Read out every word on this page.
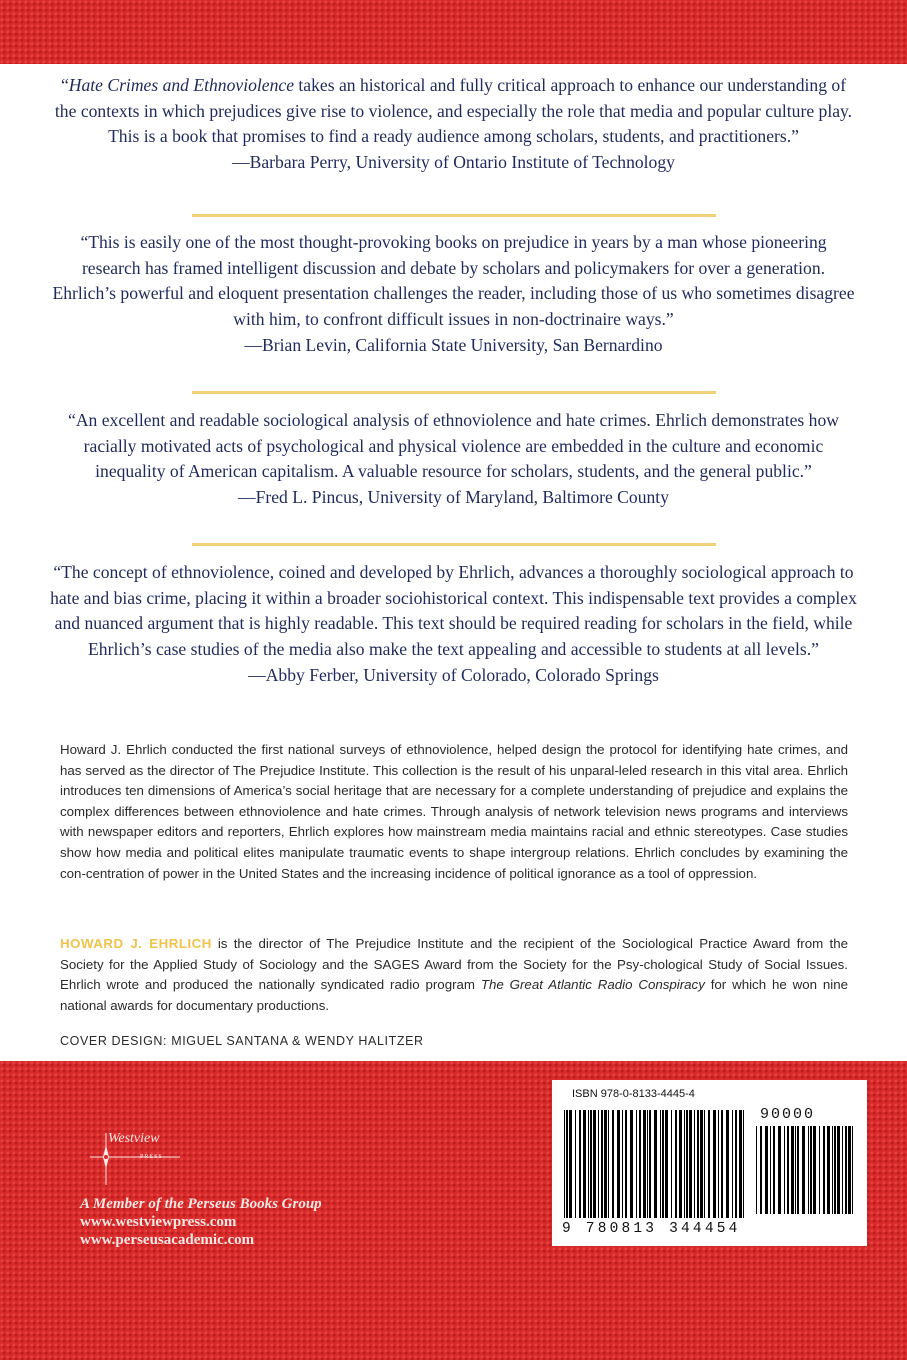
“Hate Crimes and Ethnoviolence takes an historical and fully critical approach to enhance our understanding of the contexts in which prejudices give rise to violence, and especially the role that media and popular culture play. This is a book that promises to find a ready audience among scholars, students, and practitioners.”
—Barbara Perry, University of Ontario Institute of Technology
“This is easily one of the most thought-provoking books on prejudice in years by a man whose pioneering research has framed intelligent discussion and debate by scholars and policymakers for over a generation. Ehrlich’s powerful and eloquent presentation challenges the reader, including those of us who sometimes disagree with him, to confront difficult issues in non-doctrinaire ways.”
—Brian Levin, California State University, San Bernardino
“An excellent and readable sociological analysis of ethnoviolence and hate crimes. Ehrlich demonstrates how racially motivated acts of psychological and physical violence are embedded in the culture and economic inequality of American capitalism. A valuable resource for scholars, students, and the general public.”
—Fred L. Pincus, University of Maryland, Baltimore County
“The concept of ethnoviolence, coined and developed by Ehrlich, advances a thoroughly sociological approach to hate and bias crime, placing it within a broader sociohistorical context. This indispensable text provides a complex and nuanced argument that is highly readable. This text should be required reading for scholars in the field, while Ehrlich’s case studies of the media also make the text appealing and accessible to students at all levels.”
—Abby Ferber, University of Colorado, Colorado Springs
Howard J. Ehrlich conducted the first national surveys of ethnoviolence, helped design the protocol for identifying hate crimes, and has served as the director of The Prejudice Institute. This collection is the result of his unparal-leled research in this vital area. Ehrlich introduces ten dimensions of America’s social heritage that are necessary for a complete understanding of prejudice and explains the complex differences between ethnoviolence and hate crimes. Through analysis of network television news programs and interviews with newspaper editors and reporters, Ehrlich explores how mainstream media maintains racial and ethnic stereotypes. Case studies show how media and political elites manipulate traumatic events to shape intergroup relations. Ehrlich concludes by examining the con-centration of power in the United States and the increasing incidence of political ignorance as a tool of oppression.
HOWARD J. EHRLICH is the director of The Prejudice Institute and the recipient of the Sociological Practice Award from the Society for the Applied Study of Sociology and the SAGES Award from the Society for the Psy-chological Study of Social Issues. Ehrlich wrote and produced the nationally syndicated radio program The Great Atlantic Radio Conspiracy for which he won nine national awards for documentary productions.
COVER DESIGN: MIGUEL SANTANA & WENDY HALITZER
Westview
PRESS
A Member of the Perseus Books Group
www.westviewpress.com
www.perseusacademic.com
ISBN 978-0-8133-4445-4
90000
9 780813 344454
